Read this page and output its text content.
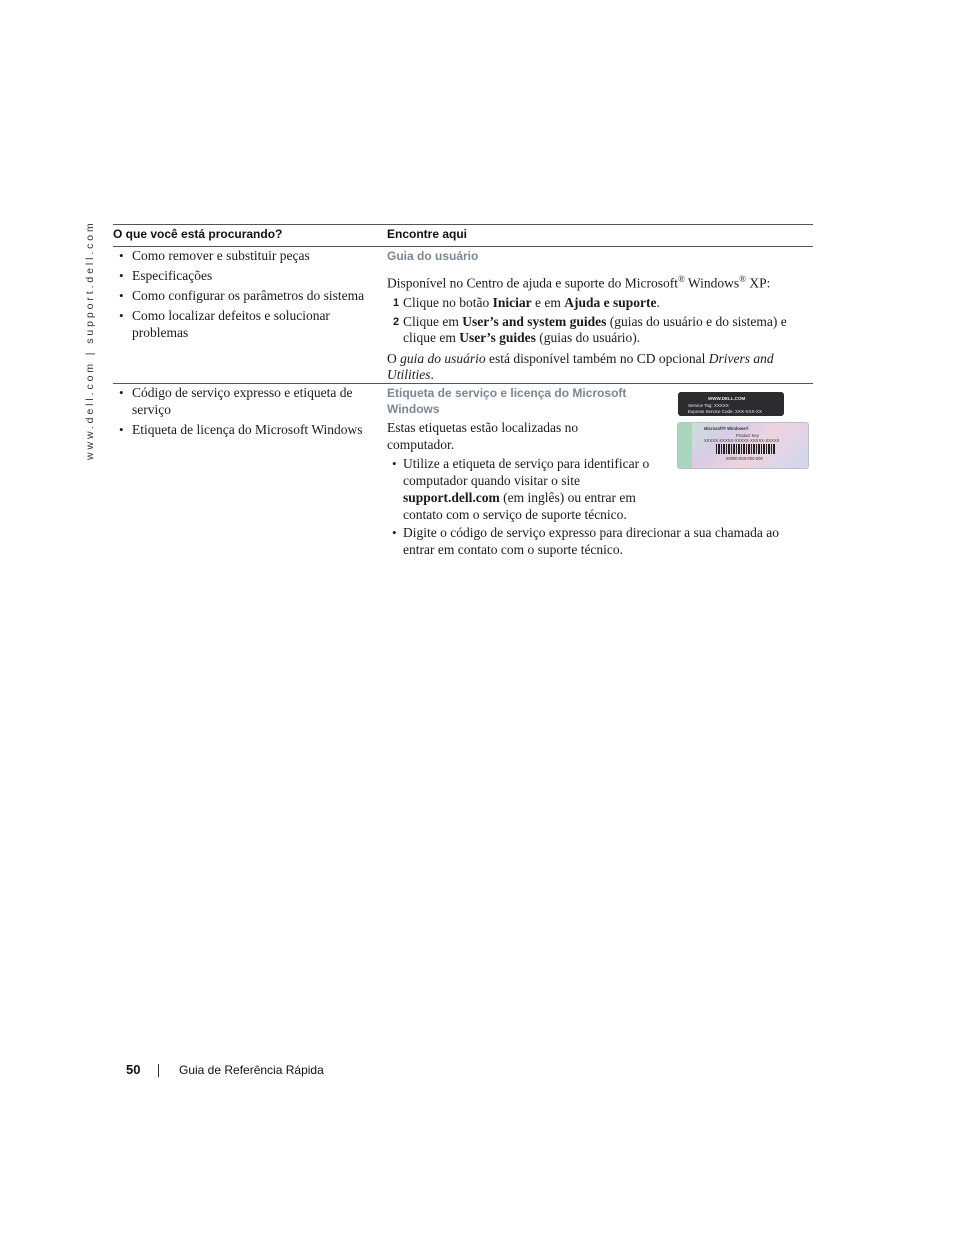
www.dell.com | support.dell.com O que você está procurando?	Encontre aqui
• Como remover e substituir peças
• Especificações
• Como configurar os parâmetros do sistema
• Como localizar defeitos e solucionar problemas
Guia do usuário

Disponível no Centro de ajuda e suporte do Microsoft® Windows® XP:

1 Clique no botão Iniciar e em Ajuda e suporte.
2 Clique em User’s and system guides (guias do usuário e do sistema) e clique em User’s guides (guias do usuário).

O guia do usuário está disponível também no CD opcional Drivers and Utilities.

• Código de serviço expresso e etiqueta de serviço
• Etiqueta de licença do Microsoft Windows
Etiqueta de serviço e licença do Microsoft Windows

Estas etiquetas estão localizadas no computador.

• Utilize a etiqueta de serviço para identificar o computador quando visitar o site support.dell.com (em inglês) ou entrar em contato com o serviço de suporte técnico.
• Digite o código de serviço expresso para direcionar a sua chamada ao entrar em contato com o suporte técnico.
WWW.DELL.COM
Service Tag: XXXXX
Express Service Code: XXX-XXX-XX
Microsoft® Windows®
Product Key
XXXXX-XXXXX-XXXXX-XXXXX-XXXXX
00000-000-000-000
50	Guia de Referência Rápida
